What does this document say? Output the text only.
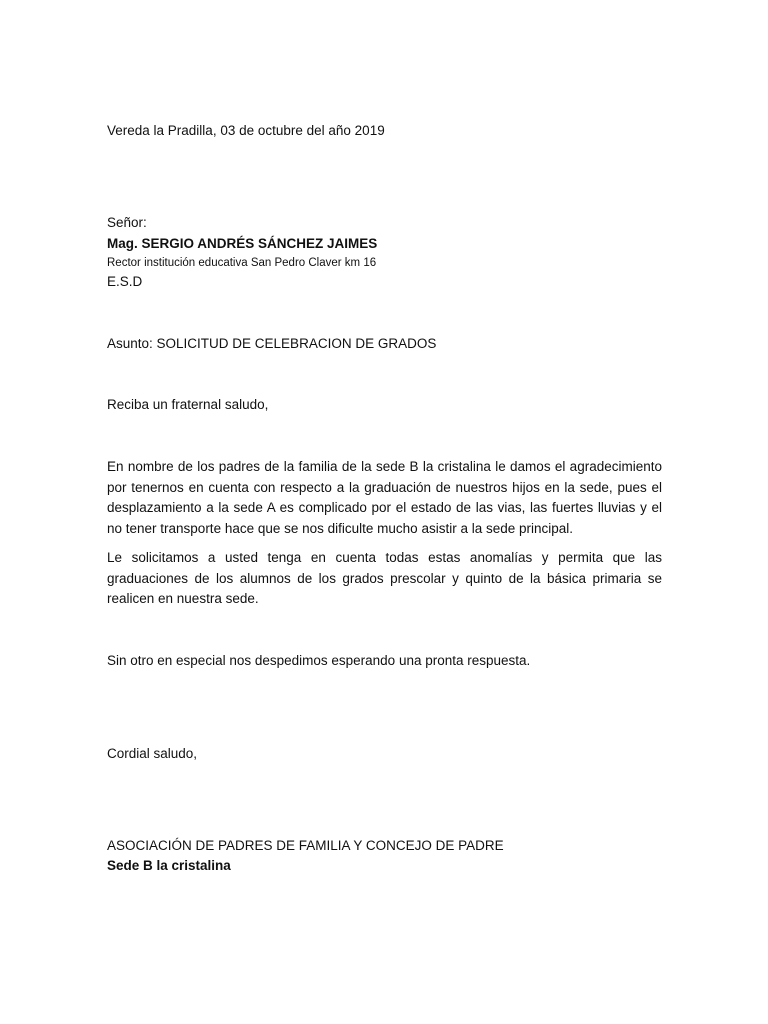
Vereda la Pradilla, 03 de octubre del año 2019
Señor:
Mag. SERGIO ANDRÉS SÁNCHEZ JAIMES
Rector institución educativa San Pedro Claver km 16
E.S.D
Asunto: SOLICITUD DE CELEBRACION DE GRADOS
Reciba un fraternal saludo,

En nombre de los padres de la familia de la sede B la cristalina le damos el agradecimiento por tenernos en cuenta con respecto a la graduación de nuestros hijos en la sede, pues el desplazamiento a la sede A es complicado por el estado de las vias, las fuertes lluvias y el no tener transporte hace que se nos dificulte mucho asistir a la sede principal.

Le solicitamos a usted tenga en cuenta todas estas anomalías y permita que las graduaciones de los alumnos de los grados prescolar y quinto de la básica primaria se realicen en nuestra sede.

Sin otro en especial nos despedimos esperando una pronta respuesta.
Cordial saludo,
ASOCIACIÓN DE PADRES DE FAMILIA Y CONCEJO DE PADRE
Sede B la cristalina
